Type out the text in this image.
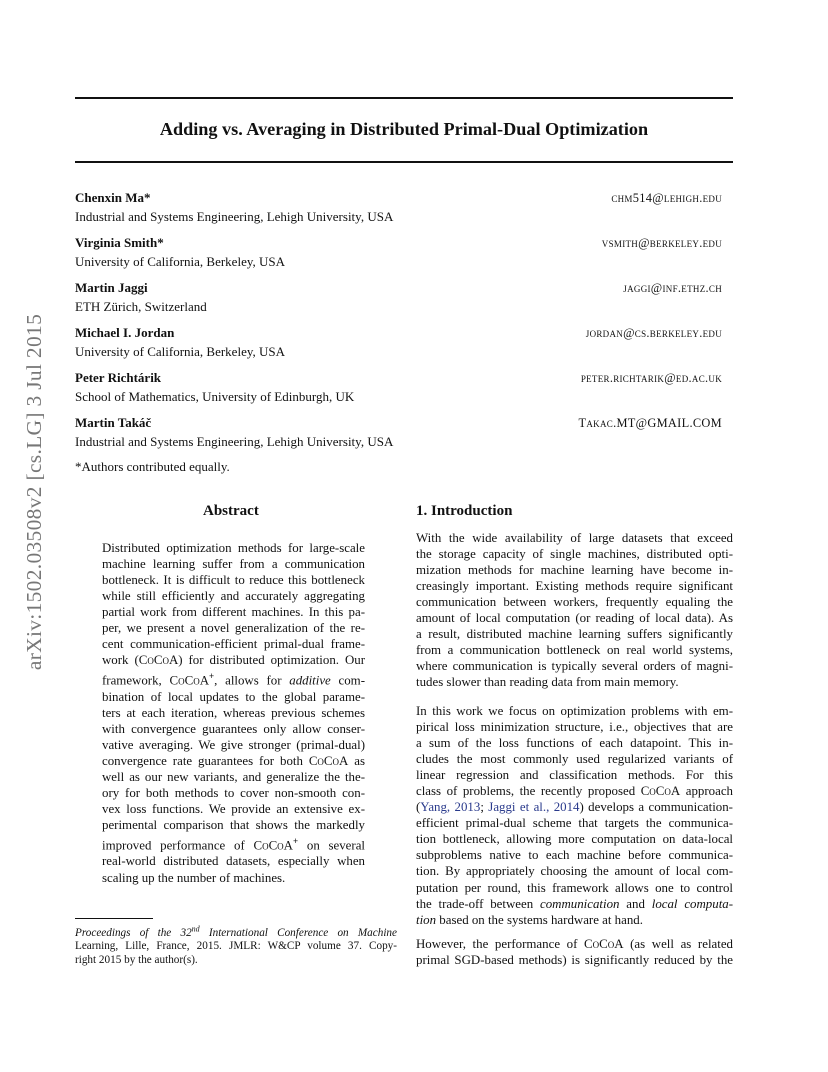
arXiv:1502.03508v2 [cs.LG] 3 Jul 2015
Adding vs. Averaging in Distributed Primal-Dual Optimization
Chenxin Ma*
Industrial and Systems Engineering, Lehigh University, USA
chm514@lehigh.edu
Virginia Smith*
University of California, Berkeley, USA
vsmith@berkeley.edu
Martin Jaggi
ETH Zürich, Switzerland
jaggi@inf.ethz.ch
Michael I. Jordan
University of California, Berkeley, USA
jordan@cs.berkeley.edu
Peter Richtárik
School of Mathematics, University of Edinburgh, UK
peter.richtarik@ed.ac.uk
Martin Takáč
Industrial and Systems Engineering, Lehigh University, USA
Takac.MT@GMAIL.COM
*Authors contributed equally.
Abstract
Distributed optimization methods for large-scale
machine learning suffer from a communication
bottleneck. It is difficult to reduce this bottleneck
while still efficiently and accurately aggregating
partial work from different machines. In this pa-
per, we present a novel generalization of the re-
cent communication-efficient primal-dual frame-
work (CoCoA) for distributed optimization. Our
framework, CoCoA+, allows for additive com-
bination of local updates to the global parame-
ters at each iteration, whereas previous schemes
with convergence guarantees only allow conser-
vative averaging. We give stronger (primal-dual)
convergence rate guarantees for both CoCoA as
well as our new variants, and generalize the the-
ory for both methods to cover non-smooth con-
vex loss functions. We provide an extensive ex-
perimental comparison that shows the markedly
improved performance of CoCoA+ on several
real-world distributed datasets, especially when
scaling up the number of machines.
1. Introduction
With the wide availability of large datasets that exceed
the storage capacity of single machines, distributed opti-
mization methods for machine learning have become in-
creasingly important. Existing methods require significant
communication between workers, frequently equaling the
amount of local computation (or reading of local data). As
a result, distributed machine learning suffers significantly
from a communication bottleneck on real world systems,
where communication is typically several orders of magni-
tudes slower than reading data from main memory.
In this work we focus on optimization problems with em-
pirical loss minimization structure, i.e., objectives that are
a sum of the loss functions of each datapoint. This in-
cludes the most commonly used regularized variants of
linear regression and classification methods. For this
class of problems, the recently proposed CoCoA approach
(Yang, 2013; Jaggi et al., 2014) develops a communication-
efficient primal-dual scheme that targets the communica-
tion bottleneck, allowing more computation on data-local
subproblems native to each machine before communica-
tion. By appropriately choosing the amount of local com-
putation per round, this framework allows one to control
the trade-off between communication and local computa-
tion based on the systems hardware at hand.
However, the performance of CoCoA (as well as related
primal SGD-based methods) is significantly reduced by the
Proceedings of the 32nd International Conference on Machine
Learning, Lille, France, 2015. JMLR: W&CP volume 37. Copy-
right 2015 by the author(s).
